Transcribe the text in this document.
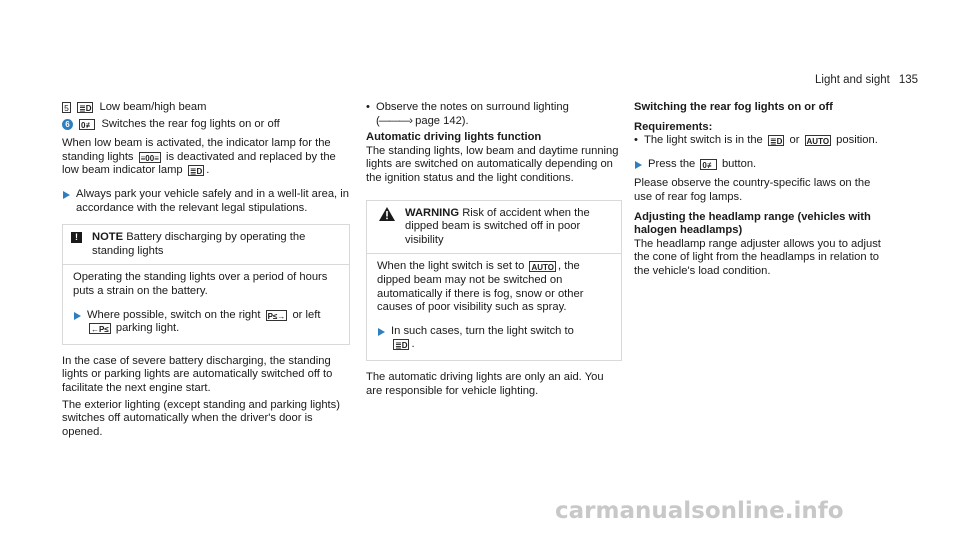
Light and sight 135
5 ≣D Low beam/high beam
6	0≢ Switches the rear fog lights on or off

When low beam is activated, the indicator lamp for the standing lights ≡00≡ is deactivated and replaced by the low beam indicator lamp ≣D .

Always park your vehicle safely and in a well-lit area, in accordance with the relevant legal stipulations.

!	NOTE Battery discharging by operating the standing lights

Operating the standing lights over a period of hours puts a strain on the battery.

Where possible, switch on the right P≤→ or left ←P≤ parking light.

In the case of severe battery discharging, the standing lights or parking lights are automatically switched off to facilitate the next engine start.

The exterior lighting (except standing and parking lights) switches off automatically when the driver's door is opened.

• Observe the notes on surround lighting
(———› page 142).

Automatic driving lights function

The standing lights, low beam and daytime running lights are switched on automatically depending on the ignition status and the light conditions.

WARNING Risk of accident when the dipped beam is switched off in poor visibility

When the light switch is set to AUTO , the dipped beam may not be switched on automatically if there is fog, snow or other causes of poor visibility such as spray.

In such cases, turn the light switch to
≣D .

The automatic driving lights are only an aid. You are responsible for vehicle lighting.

Switching the rear fog lights on or off

Requirements:

• The light switch is in the ≣D or AUTO position.

Press the 0≢ button.

Please observe the country-specific laws on the use of rear fog lamps.

Adjusting the headlamp range (vehicles with halogen headlamps)

The headlamp range adjuster allows you to adjust the cone of light from the headlamps in relation to the vehicle's load condition.

carmanualsonline.info
